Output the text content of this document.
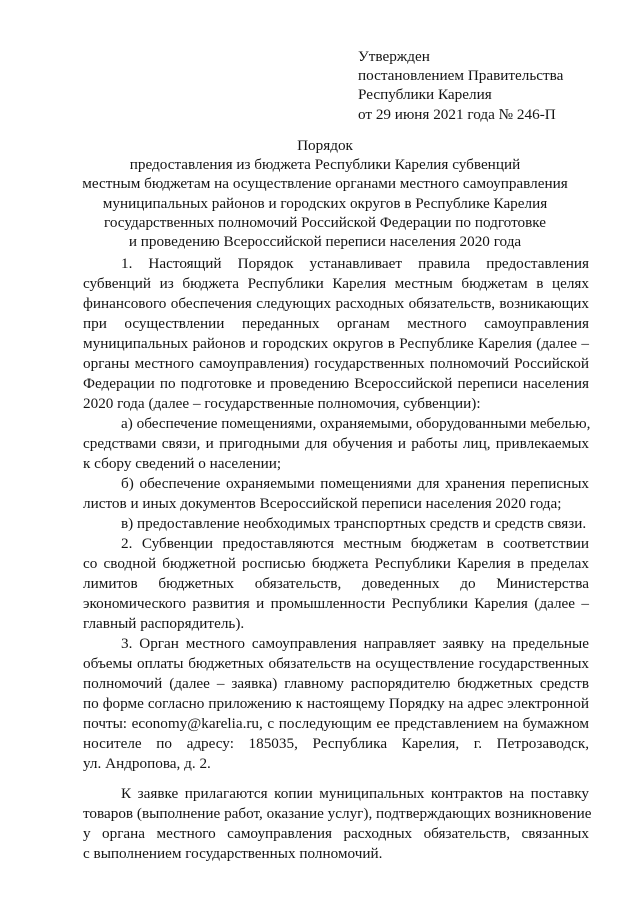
Утвержден
постановлением Правительства
Республики Карелия
от 29 июня 2021 года № 246-П
Порядок
предоставления из бюджета Республики Карелия субвенций
местным бюджетам на осуществление органами местного самоуправления
муниципальных районов и городских округов в Республике Карелия
государственных полномочий Российской Федерации по подготовке
и проведению Всероссийской переписи населения 2020 года
1. Настоящий Порядок устанавливает правила предоставления
субвенций из бюджета Республики Карелия местным бюджетам в целях
финансового обеспечения следующих расходных обязательств, возникающих
при осуществлении переданных органам местного самоуправления
муниципальных районов и городских округов в Республике Карелия (далее –
органы местного самоуправления) государственных полномочий Российской
Федерации по подготовке и проведению Всероссийской переписи населения
2020 года (далее – государственные полномочия, субвенции):
а) обеспечение помещениями, охраняемыми, оборудованными мебелью,
средствами связи, и пригодными для обучения и работы лиц, привлекаемых
к сбору сведений о населении;
б) обеспечение охраняемыми помещениями для хранения переписных
листов и иных документов Всероссийской переписи населения 2020 года;
в) предоставление необходимых транспортных средств и средств связи.
2. Субвенции предоставляются местным бюджетам в соответствии
со сводной бюджетной росписью бюджета Республики Карелия в пределах
лимитов бюджетных обязательств, доведенных до Министерства
экономического развития и промышленности Республики Карелия (далее –
главный распорядитель).
3. Орган местного самоуправления направляет заявку на предельные
объемы оплаты бюджетных обязательств на осуществление государственных
полномочий (далее – заявка) главному распорядителю бюджетных средств
по форме согласно приложению к настоящему Порядку на адрес электронной
почты: economy@karelia.ru, с последующим ее представлением на бумажном
носителе по адресу: 185035, Республика Карелия, г. Петрозаводск,
ул. Андропова, д. 2.
К заявке прилагаются копии муниципальных контрактов на поставку
товаров (выполнение работ, оказание услуг), подтверждающих возникновение
у органа местного самоуправления расходных обязательств, связанных
с выполнением государственных полномочий.
